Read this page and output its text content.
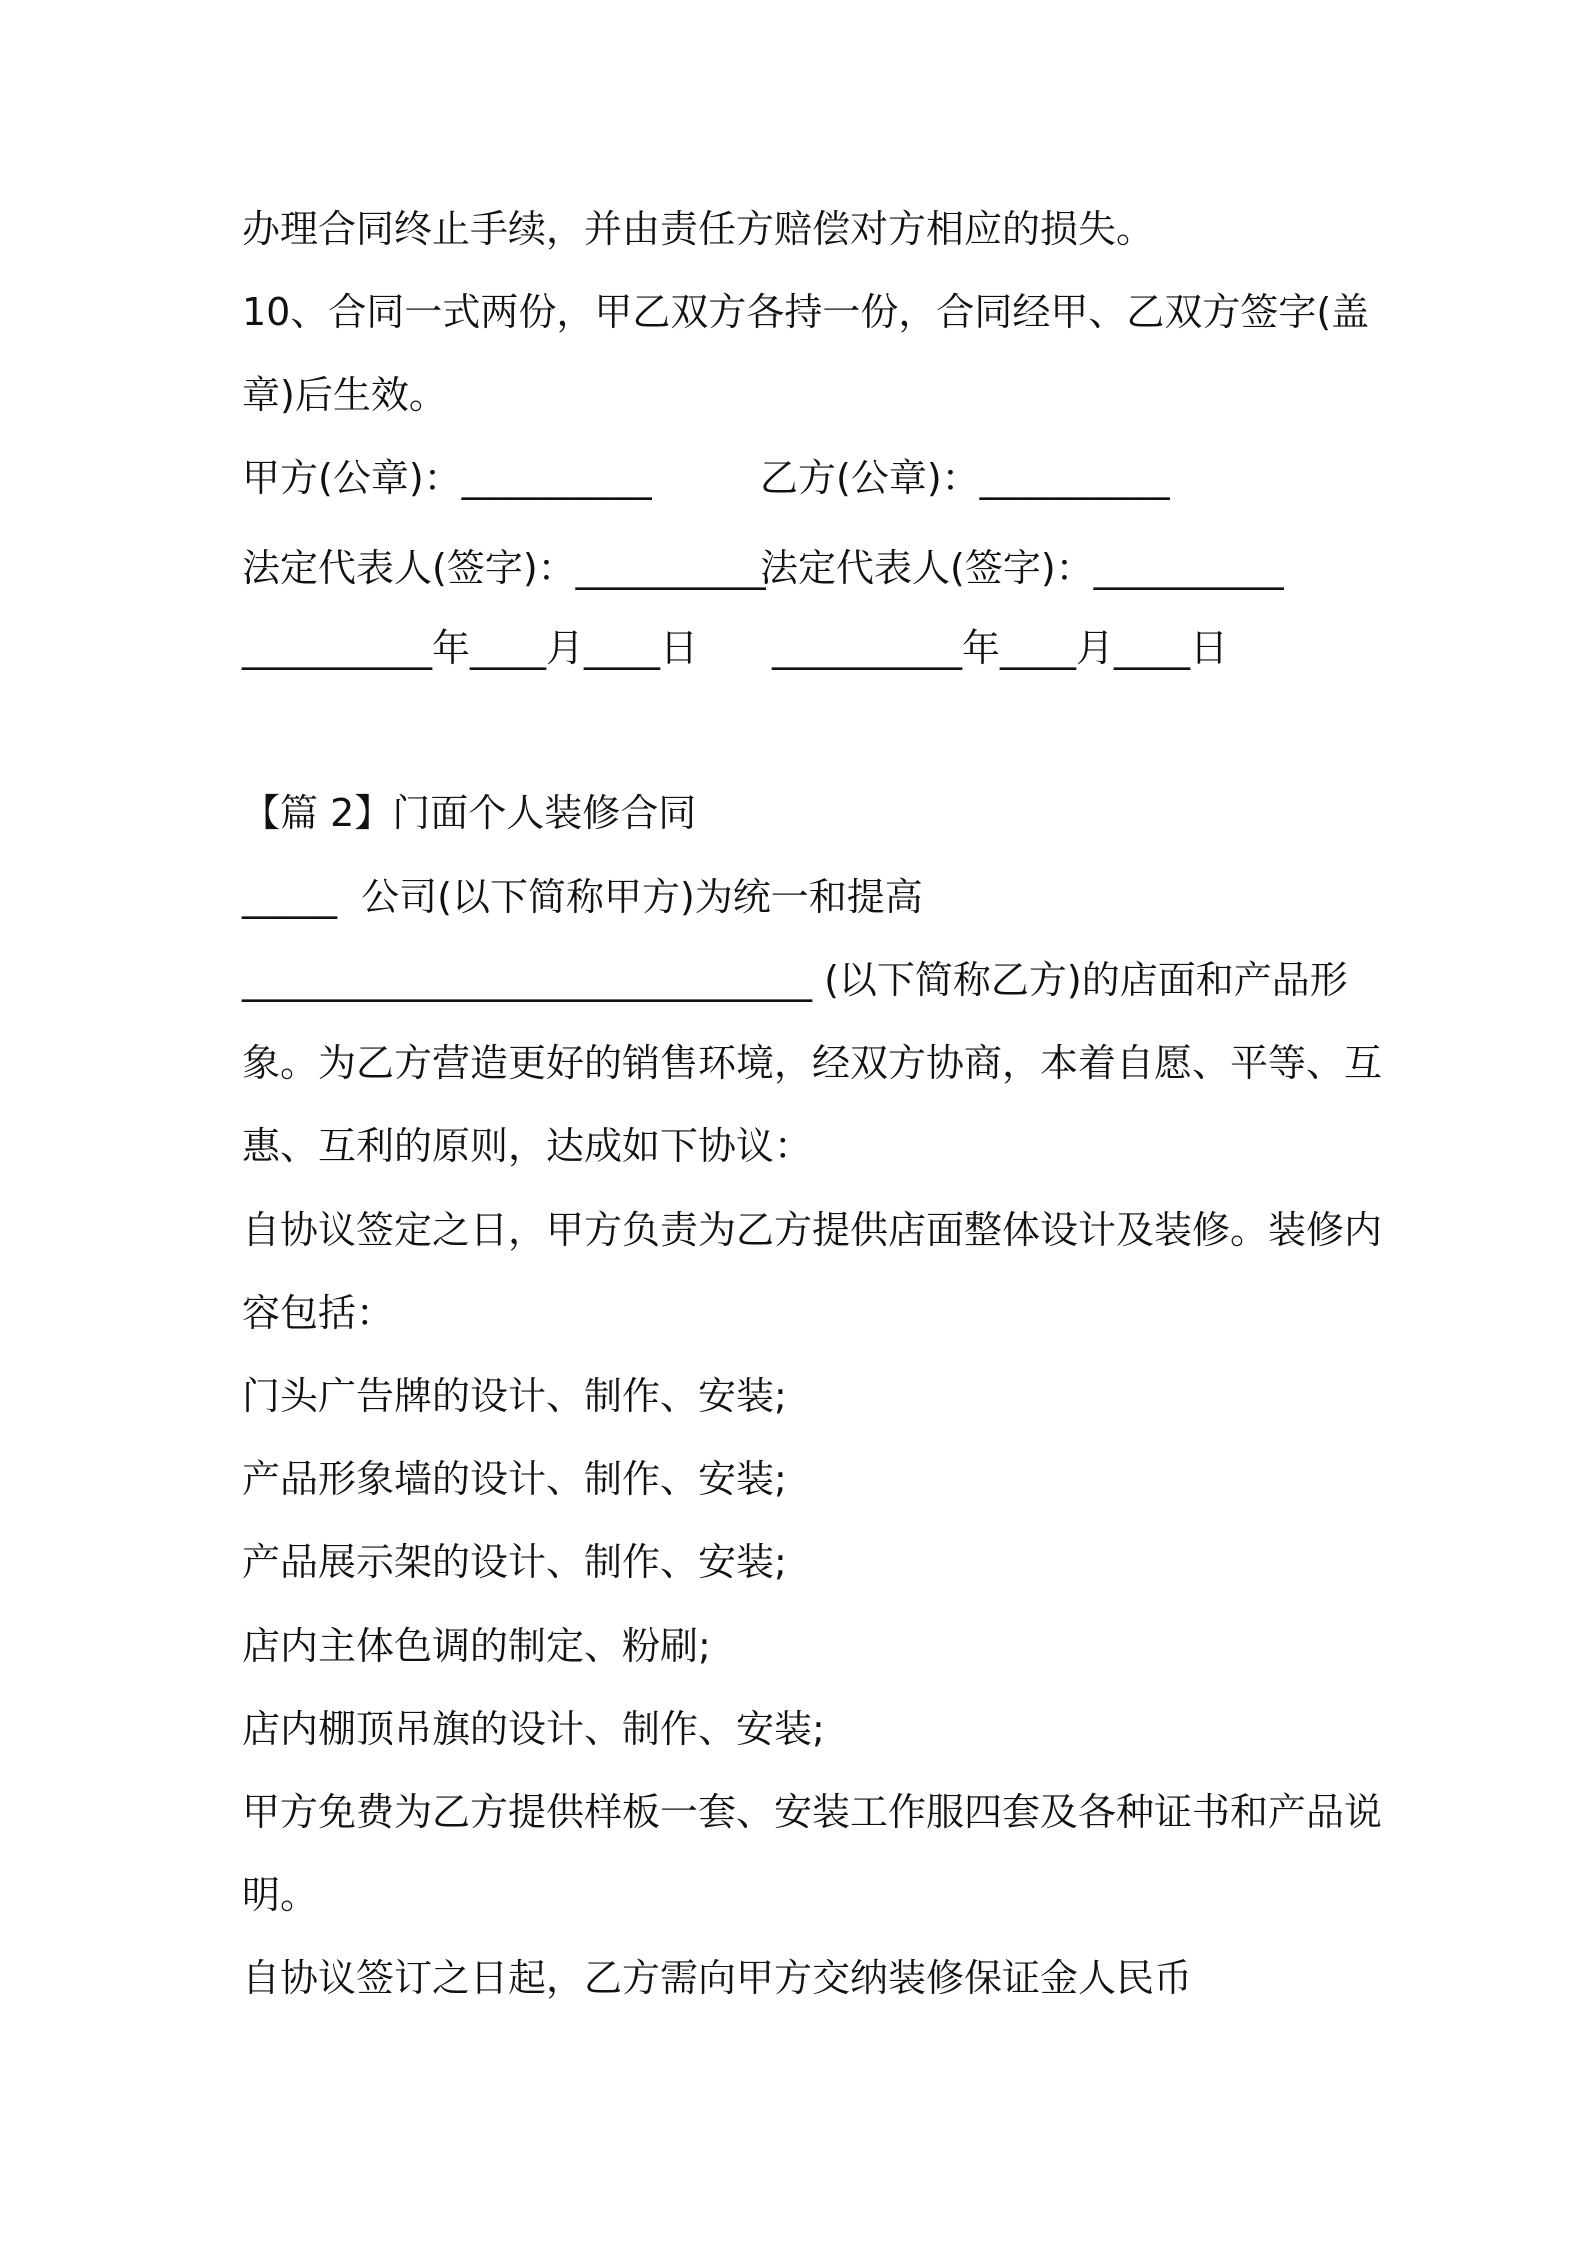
办理合同终止手续，并由责任方赔偿对方相应的损失。
10、合同一式两份，甲乙双方各持一份，合同经甲、乙双方签字(盖
章)后生效。
甲方(公章)：__________	乙方(公章)：__________
法定代表人(签字)：__________
法定代表人(签字)：__________
__________年____月____日 __________年____月____日
【篇 2】门面个人装修合同
_____  公司(以下简称甲方)为统一和提高
______________________________ (以下简称乙方)的店面和产品形
象。为乙方营造更好的销售环境，经双方协商，本着自愿、平等、互
惠、互利的原则，达成如下协议：
自协议签定之日，甲方负责为乙方提供店面整体设计及装修。装修内
容包括：
门头广告牌的设计、制作、安装;
产品形象墙的设计、制作、安装;
产品展示架的设计、制作、安装;
店内主体色调的制定、粉刷;
店内棚顶吊旗的设计、制作、安装;
甲方免费为乙方提供样板一套、安装工作服四套及各种证书和产品说
明。
自协议签订之日起，乙方需向甲方交纳装修保证金人民币
